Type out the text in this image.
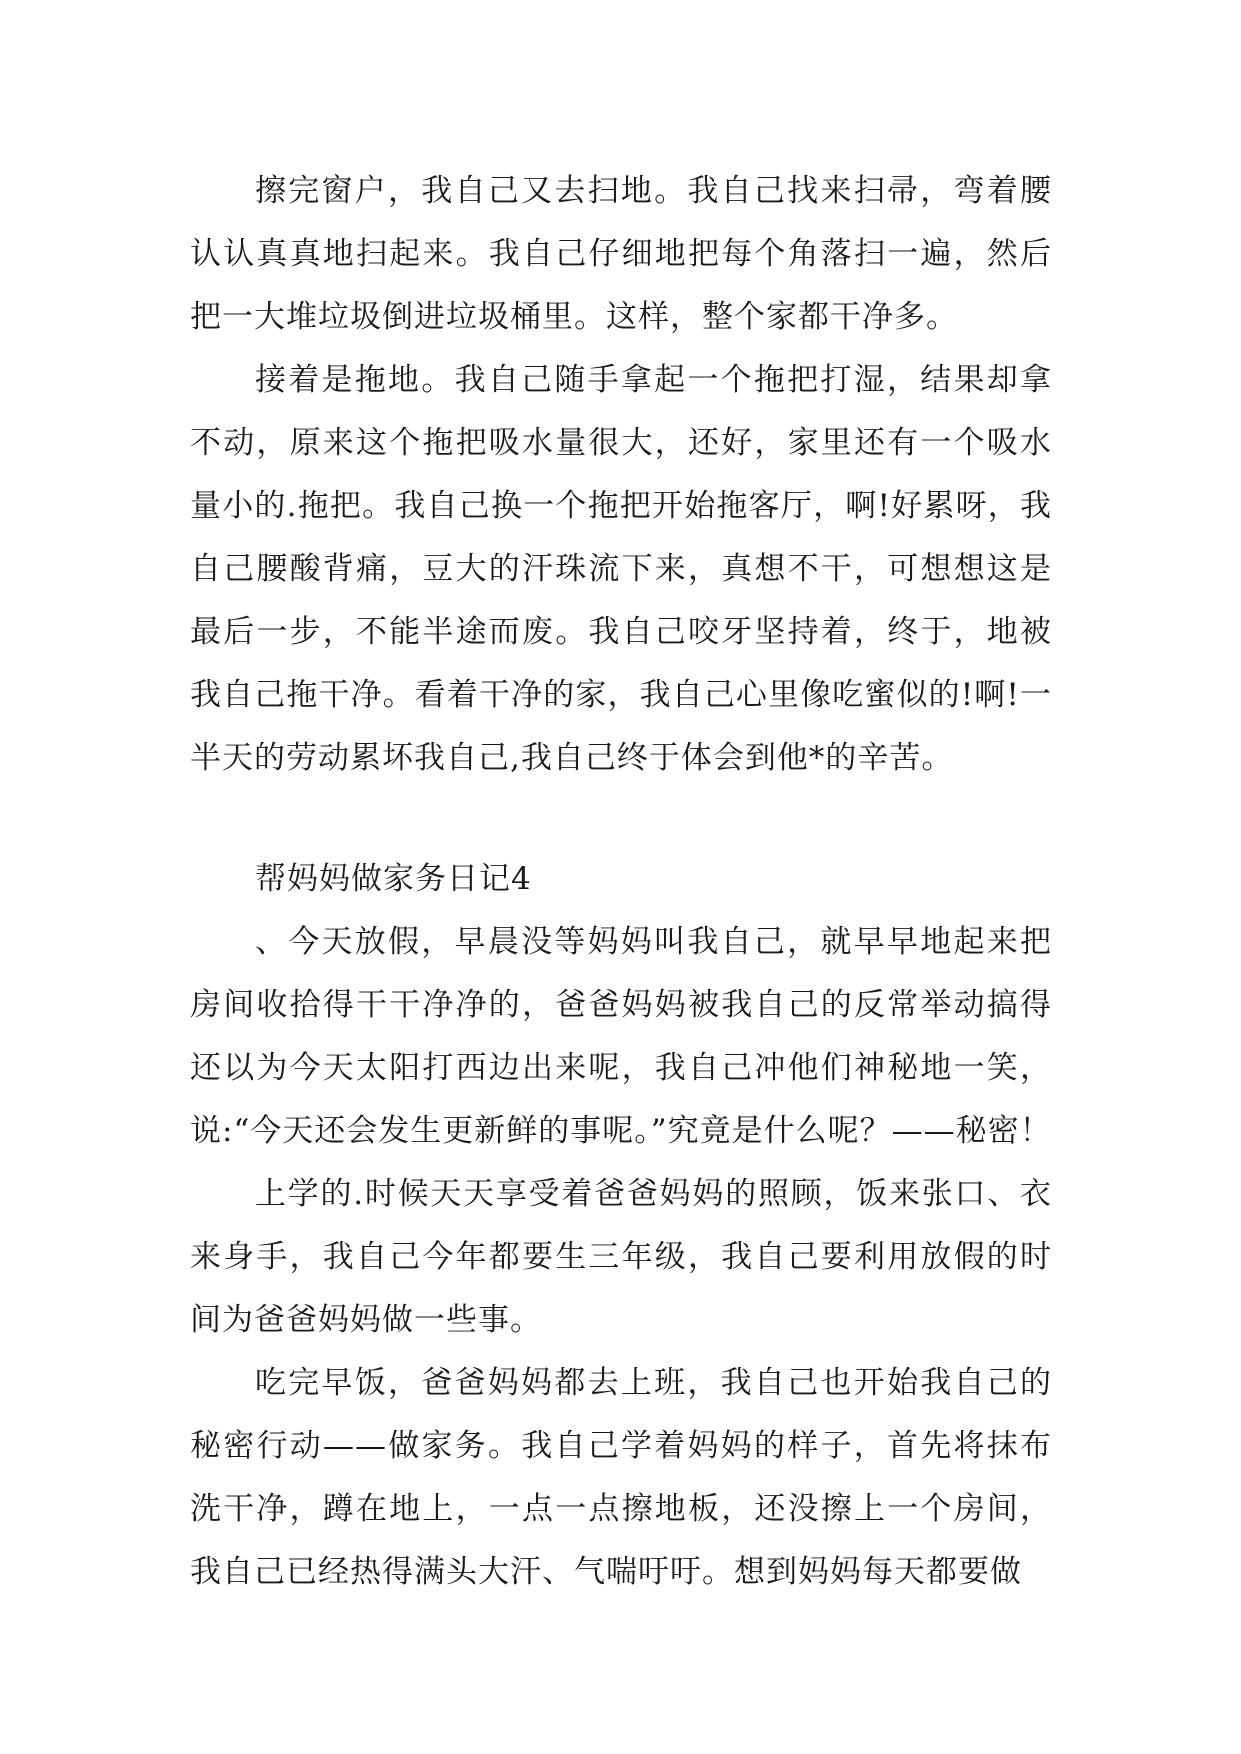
擦完窗户，我自己又去扫地。我自己找来扫帚，弯着腰认认真真地扫起来。我自己仔细地把每个角落扫一遍，然后把一大堆垃圾倒进垃圾桶里。这样，整个家都干净多。

接着是拖地。我自己随手拿起一个拖把打湿，结果却拿不动，原来这个拖把吸水量很大，还好，家里还有一个吸水量小的.拖把。我自己换一个拖把开始拖客厅，啊!好累呀，我自己腰酸背痛，豆大的汗珠流下来，真想不干，可想想这是最后一步，不能半途而废。我自己咬牙坚持着，终于，地被我自己拖干净。看着干净的家，我自己心里像吃蜜似的!啊!一半天的劳动累坏我自己,我自己终于体会到他*的辛苦。

帮妈妈做家务日记4

、今天放假，早晨没等妈妈叫我自己，就早早地起来把房间收拾得干干净净的，爸爸妈妈被我自己的反常举动搞得还以为今天太阳打西边出来呢，我自己冲他们神秘地一笑，说:“今天还会发生更新鲜的事呢。”究竟是什么呢？——秘密！

上学的.时候天天享受着爸爸妈妈的照顾，饭来张口、衣来身手，我自己今年都要生三年级，我自己要利用放假的时间为爸爸妈妈做一些事。

吃完早饭，爸爸妈妈都去上班，我自己也开始我自己的秘密行动——做家务。我自己学着妈妈的样子，首先将抹布洗干净，蹲在地上，一点一点擦地板，还没擦上一个房间，我自己已经热得满头大汗、气喘吁吁。想到妈妈每天都要做
